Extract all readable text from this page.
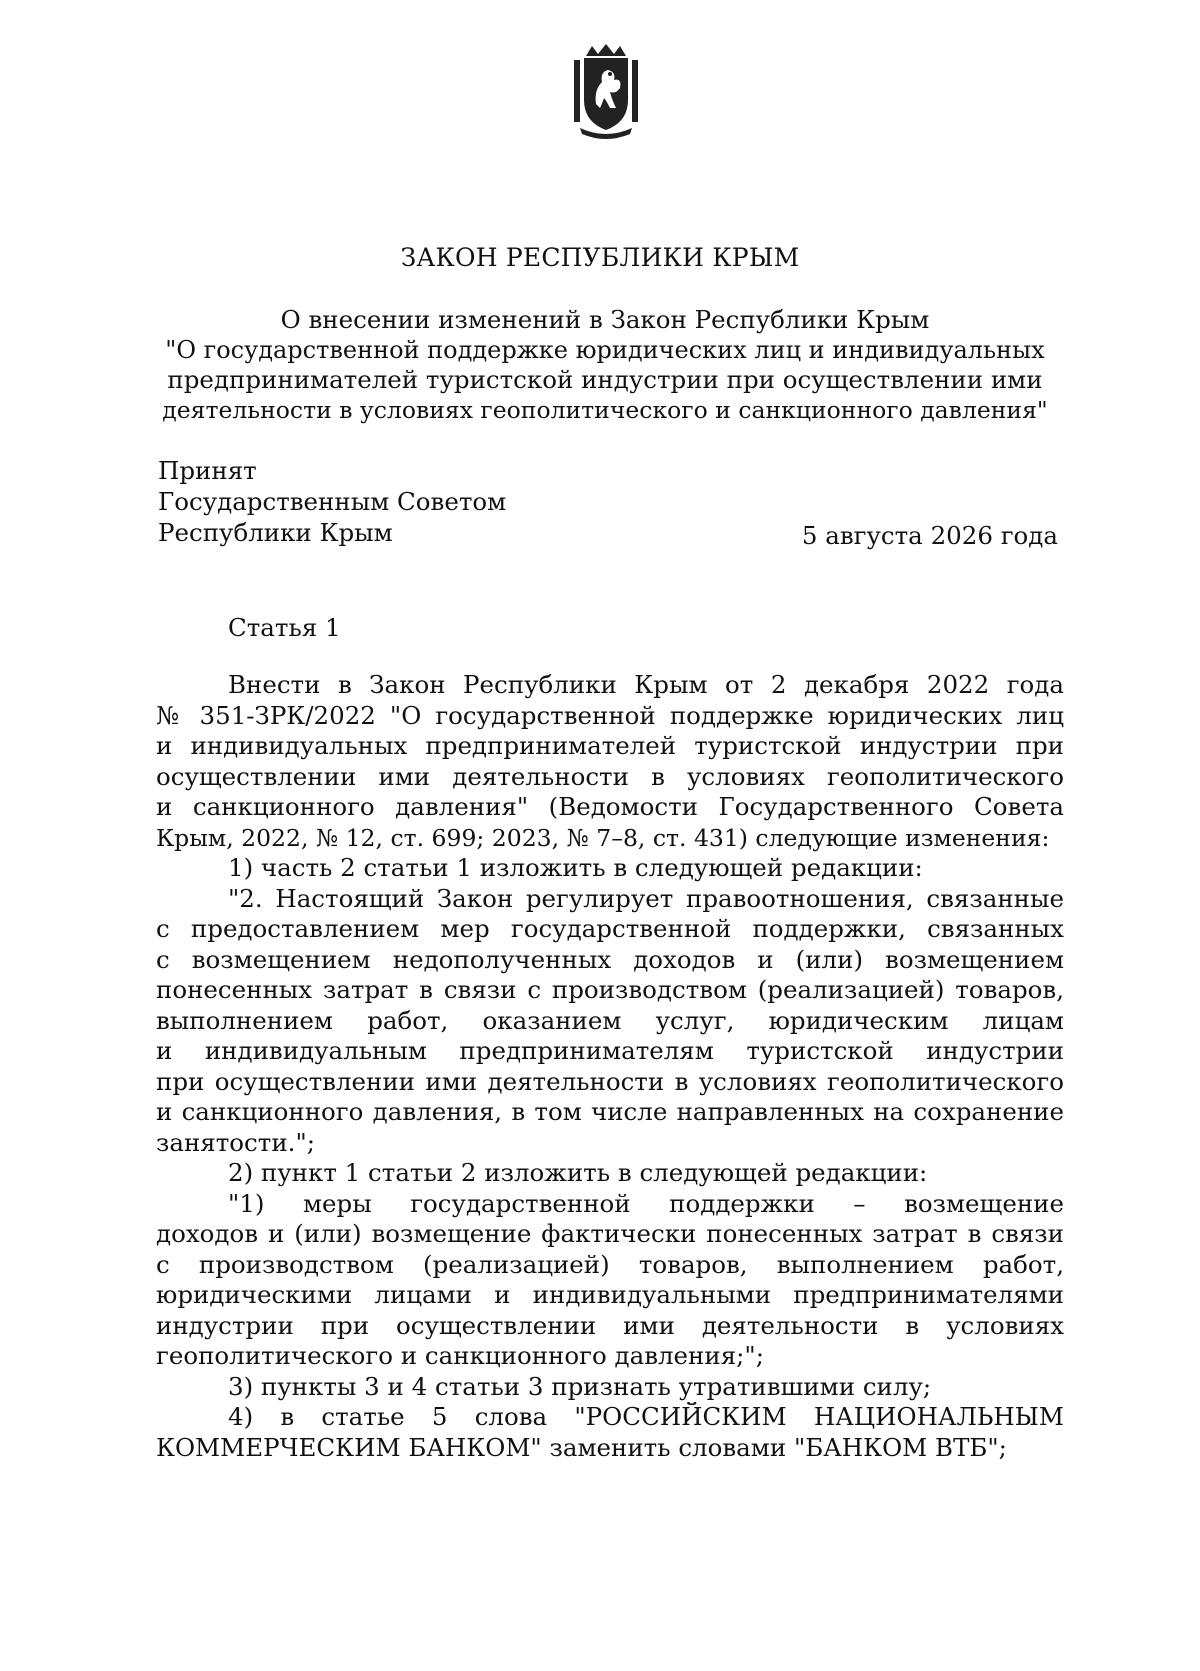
ЗАКОН РЕСПУБЛИКИ КРЫМ
О внесении изменений в Закон Республики Крым
"О государственной поддержке юридических лиц и индивидуальных
предпринимателей туристской индустрии при осуществлении ими
деятельности в условиях геополитического и санкционного давления"
Принят
Государственным Советом
Республики Крым	5 августа 2026 года
Статья 1
Внести в Закон Республики Крым от 2 декабря 2022 года
№ 351-ЗРК/2022 "О государственной поддержке юридических лиц
и индивидуальных предпринимателей туристской индустрии при
осуществлении ими деятельности в условиях геополитического
и санкционного давления" (Ведомости Государственного Совета
Крым, 2022, № 12, ст. 699; 2023, № 7–8, ст. 431) следующие изменения:
1) часть 2 статьи 1 изложить в следующей редакции:
"2. Настоящий Закон регулирует правоотношения, связанные
с предоставлением мер государственной поддержки, связанных
с возмещением недополученных доходов и (или) возмещением
понесенных затрат в связи с производством (реализацией) товаров,
выполнением работ, оказанием услуг, юридическим лицам
и индивидуальным предпринимателям туристской индустрии
при осуществлении ими деятельности в условиях геополитического
и санкционного давления, в том числе направленных на сохранение
занятости.";
2) пункт 1 статьи 2 изложить в следующей редакции:
"1) меры государственной поддержки – возмещение
доходов и (или) возмещение фактически понесенных затрат в связи
с производством (реализацией) товаров, выполнением работ,
юридическими лицами и индивидуальными предпринимателями
индустрии при осуществлении ими деятельности в условиях
геополитического и санкционного давления;";
3) пункты 3 и 4 статьи 3 признать утратившими силу;
4) в статье 5 слова "РОССИЙСКИМ НАЦИОНАЛЬНЫМ
КОММЕРЧЕСКИМ БАНКОМ" заменить словами "БАНКОМ ВТБ";
